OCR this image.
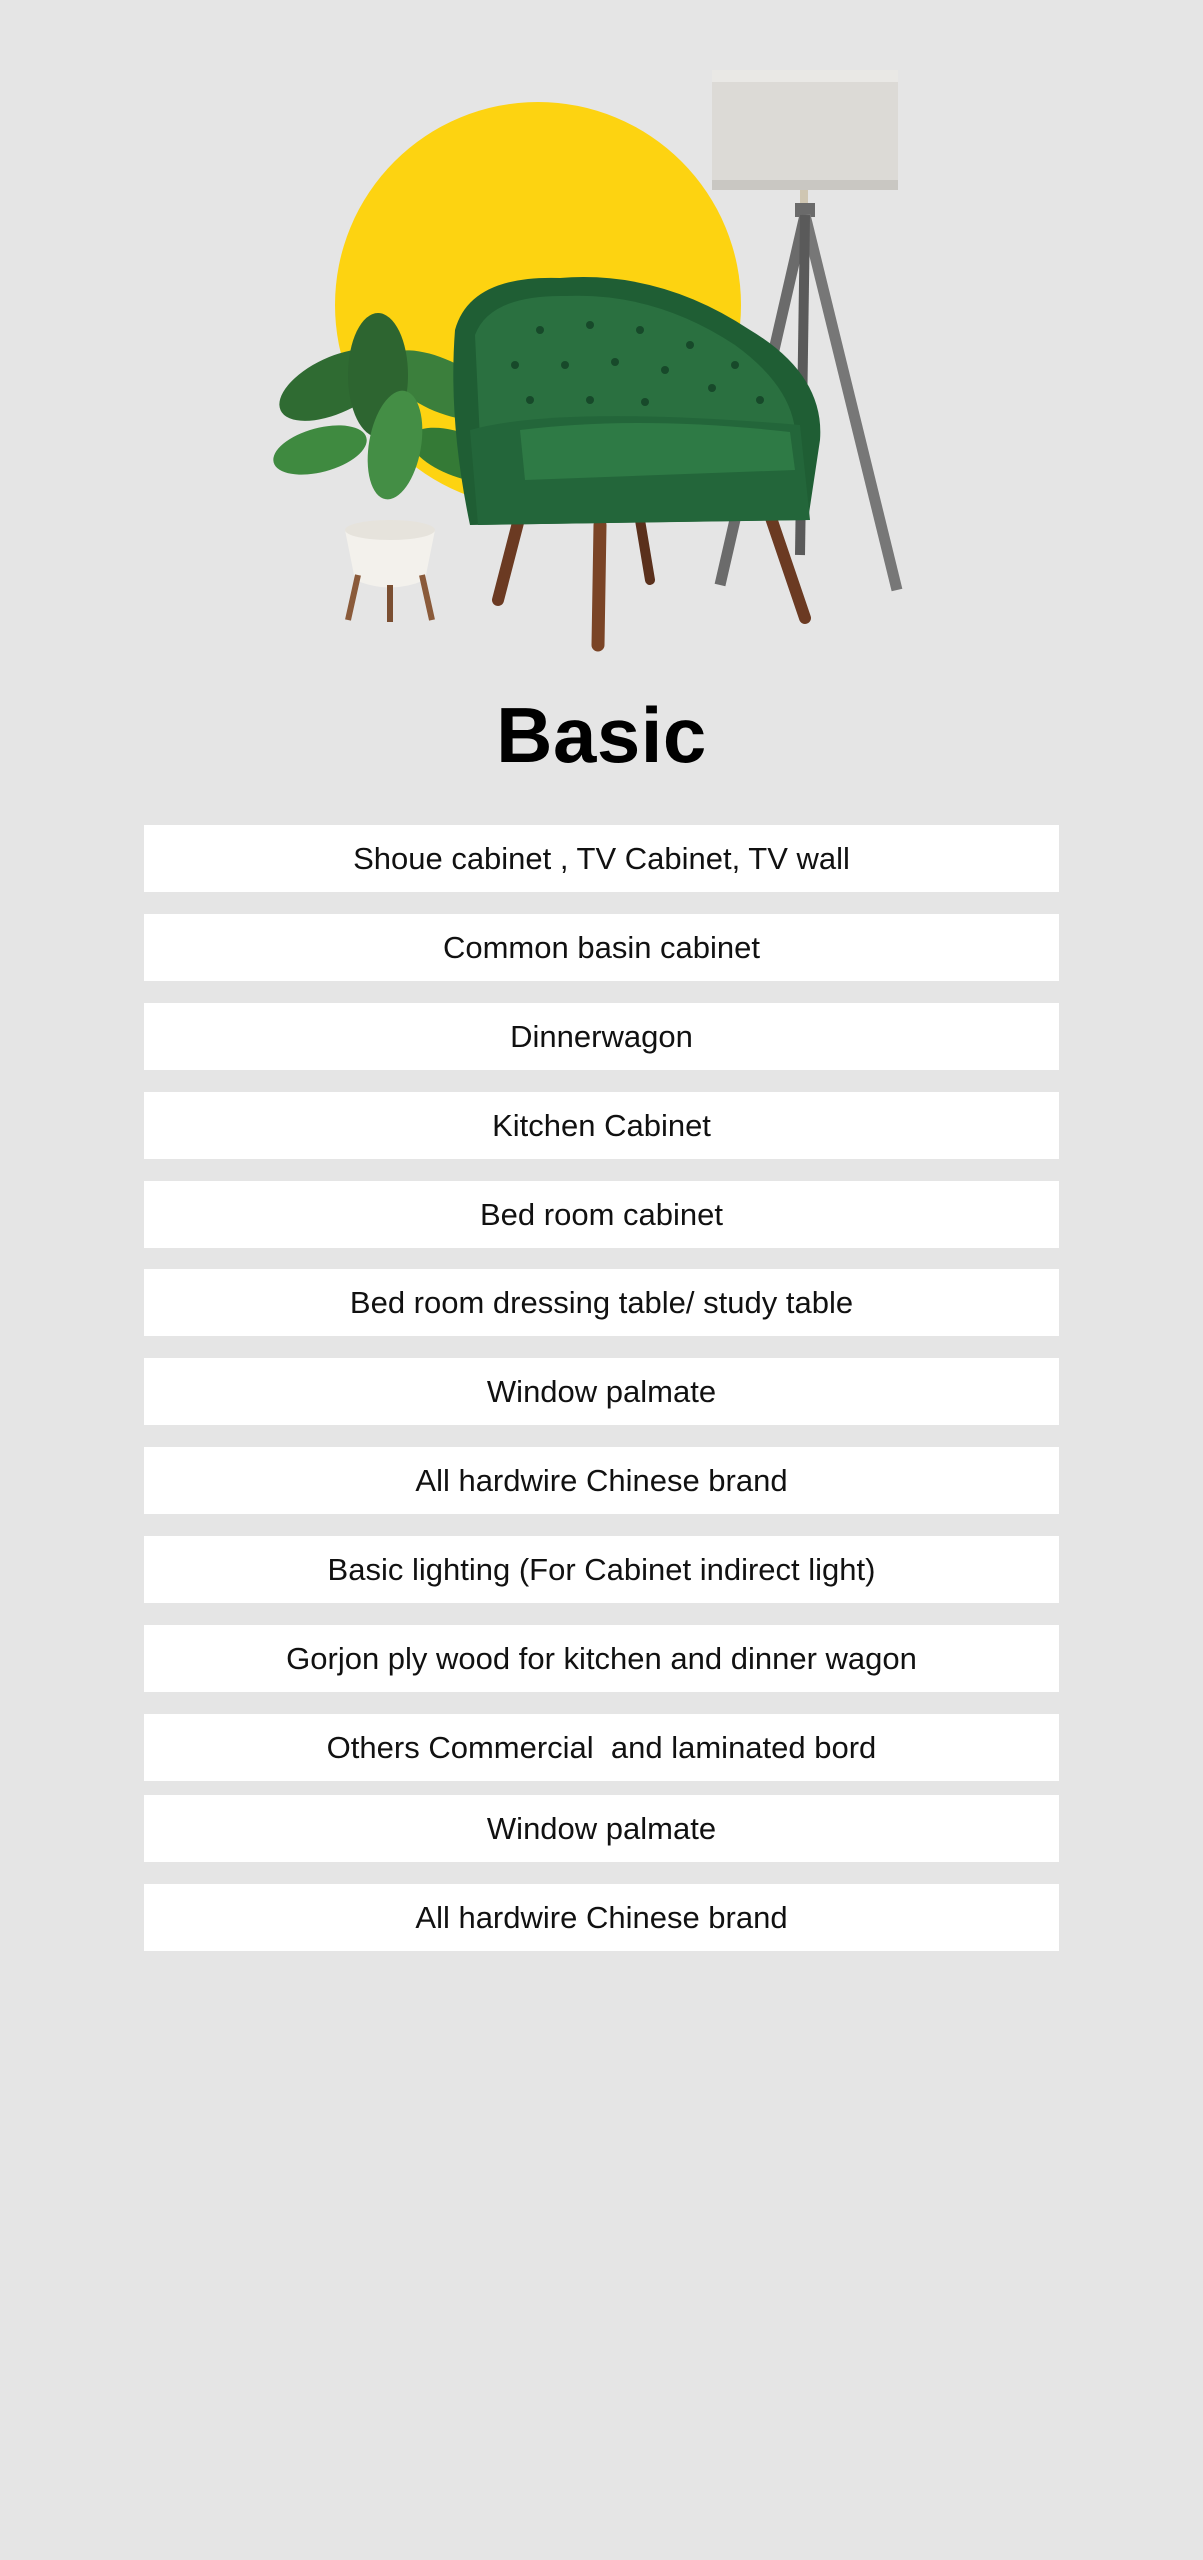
Basic
Shoue cabinet , TV Cabinet, TV wall
Common basin cabinet
Dinnerwagon
Kitchen Cabinet
Bed room cabinet
Bed room dressing table/ study table
Window palmate
All hardwire Chinese brand
Basic lighting (For Cabinet indirect light)
Gorjon ply wood for kitchen and dinner wagon
Others Commercial  and laminated bord
Window palmate
All hardwire Chinese brand
